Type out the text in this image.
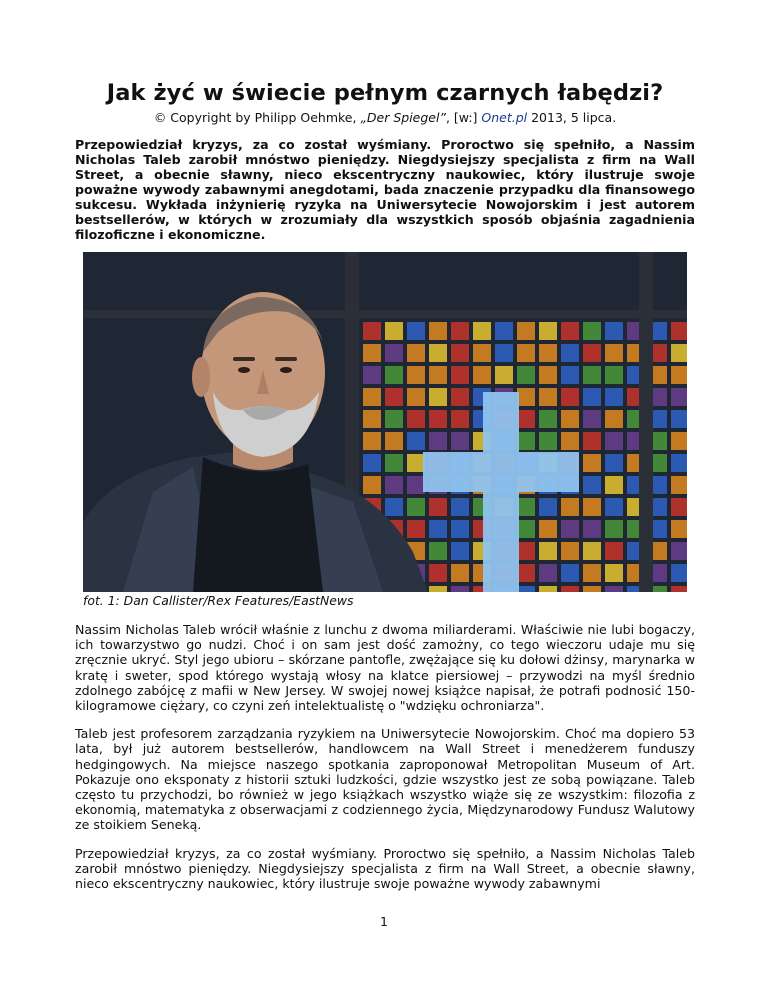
Jak żyć w świecie pełnym czarnych łabędzi?
© Copyright by Philipp Oehmke, „Der Spiegel”, [w:] Onet.pl 2013, 5 lipca.
Przepowiedział kryzys, za co został wyśmiany. Proroctwo się spełniło, a Nassim Nicholas Taleb zarobił mnóstwo pieniędzy. Niegdysiejszy specjalista z firm na Wall Street, a obecnie sławny, nieco ekscentryczny naukowiec, który ilustruje swoje poważne wywody zabawnymi anegdotami, bada znaczenie przypadku dla finansowego sukcesu. Wykłada inżynierię ryzyka na Uniwersytecie Nowojorskim i jest autorem bestsellerów, w których w zrozumiały dla wszystkich sposób objaśnia zagadnienia filozoficzne i ekonomiczne.
fot. 1: Dan Callister/Rex Features/EastNews

Nassim Nicholas Taleb wrócił właśnie z lunchu z dwoma miliarderami. Właściwie nie lubi bogaczy, ich towarzystwo go nudzi. Choć i on sam jest dość zamożny, co tego wieczoru udaje mu się zręcznie ukryć. Styl jego ubioru – skórzane pantofle, zwężające się ku dołowi dżinsy, marynarka w kratę i sweter, spod którego wystają włosy na klatce piersiowej – przywodzi na myśl średnio zdolnego zabójcę z mafii w New Jersey. W swojej nowej książce napisał, że potrafi podnosić 150-kilogramowe ciężary, co czyni zeń intelektualistę o "wdzięku ochroniarza".

Taleb jest profesorem zarządzania ryzykiem na Uniwersytecie Nowojorskim. Choć ma dopiero 53 lata, był już autorem bestsellerów, handlowcem na Wall Street i menedżerem funduszy hedgingowych. Na miejsce naszego spotkania zaproponował Metropolitan Museum of Art. Pokazuje ono eksponaty z historii sztuki ludzkości, gdzie wszystko jest ze sobą powiązane. Taleb często tu przychodzi, bo również w jego książkach wszystko wiąże się ze wszystkim: filozofia z ekonomią, matematyka z obserwacjami z codziennego życia, Międzynarodowy Fundusz Walutowy ze stoikiem Seneką.

Przepowiedział kryzys, za co został wyśmiany. Proroctwo się spełniło, a Nassim Nicholas Taleb zarobił mnóstwo pieniędzy. Niegdysiejszy specjalista z firm na Wall Street, a obecnie sławny, nieco ekscentryczny naukowiec, który ilustruje swoje poważne wywody zabawnymi

1
